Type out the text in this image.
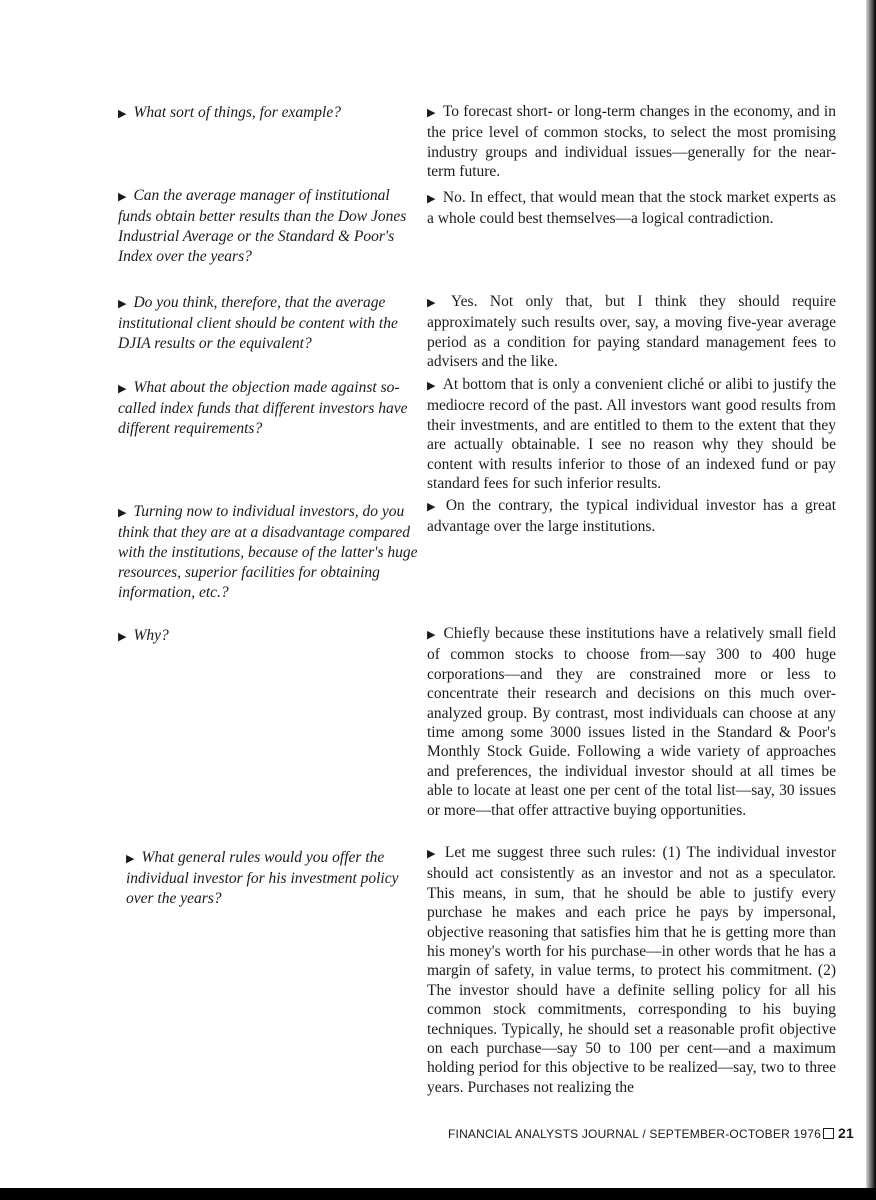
▶ What sort of things, for example?	▶ To forecast short- or long-term changes in the economy, and in the price level of common stocks, to select the most promising industry groups and individual issues—generally for the near-term future.
▶ Can the average manager of institutional funds obtain better results than the Dow Jones Industrial Average or the Standard & Poor's Index over the years?
▶ No. In effect, that would mean that the stock market experts as a whole could best themselves—a logical contradiction.
▶ Do you think, therefore, that the average institutional client should be content with the DJIA results or the equivalent?
▶ Yes. Not only that, but I think they should require approximately such results over, say, a moving five-year average period as a condition for paying standard management fees to advisers and the like.
▶ What about the objection made against so-called index funds that different investors have different requirements?
▶ At bottom that is only a convenient cliché or alibi to justify the mediocre record of the past. All investors want good results from their investments, and are entitled to them to the extent that they are actually obtainable. I see no reason why they should be content with results inferior to those of an indexed fund or pay standard fees for such inferior results.
▶ Turning now to individual investors, do you think that they are at a disadvantage compared with the institutions, because of the latter's huge resources, superior facilities for obtaining information, etc.?
▶ On the contrary, the typical individual investor has a great advantage over the large institutions.
▶ Why?	▶ Chiefly because these institutions have a relatively small field of common stocks to choose from—say 300 to 400 huge corporations—and they are constrained more or less to concentrate their research and decisions on this much over-analyzed group. By contrast, most individuals can choose at any time among some 3000 issues listed in the Standard & Poor's Monthly Stock Guide. Following a wide variety of approaches and preferences, the individual investor should at all times be able to locate at least one per cent of the total list—say, 30 issues or more—that offer attractive buying opportunities.
▶ What general rules would you offer the individual investor for his investment policy over the years?
▶ Let me suggest three such rules: (1) The individual investor should act consistently as an investor and not as a speculator. This means, in sum, that he should be able to justify every purchase he makes and each price he pays by impersonal, objective reasoning that satisfies him that he is getting more than his money's worth for his purchase—in other words that he has a margin of safety, in value terms, to protect his commitment. (2) The investor should have a definite selling policy for all his common stock commitments, corresponding to his buying techniques. Typically, he should set a reasonable profit objective on each purchase—say 50 to 100 per cent—and a maximum holding period for this objective to be realized—say, two to three years. Purchases not realizing the
FINANCIAL ANALYSTS JOURNAL / SEPTEMBER-OCTOBER 1976 21
